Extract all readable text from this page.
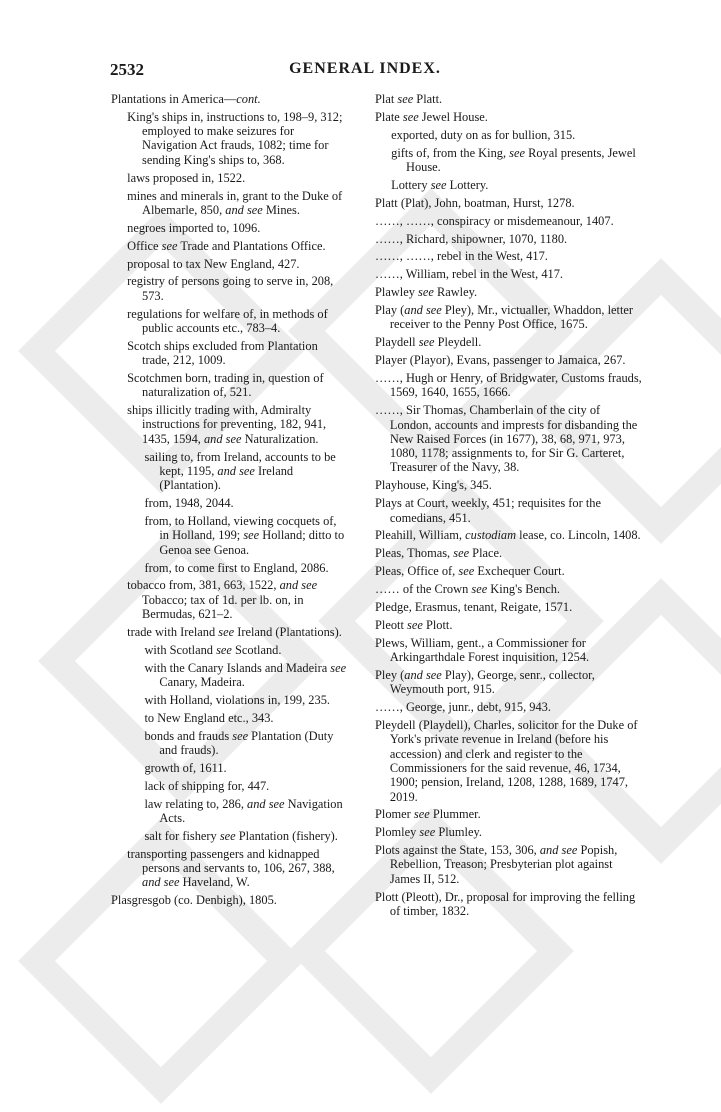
2532	GENERAL INDEX.
Plantations in America—cont.
King's ships in, instructions to, 198–9, 312; employed to make seizures for Navigation Act frauds, 1082; time for sending King's ships to, 368.
laws proposed in, 1522.
mines and minerals in, grant to the Duke of Albemarle, 850, and see Mines.
negroes imported to, 1096.
Office see Trade and Plantations Office.
proposal to tax New England, 427.
registry of persons going to serve in, 208, 573.
regulations for welfare of, in methods of public accounts etc., 783–4.
Scotch ships excluded from Plantation trade, 212, 1009.
Scotchmen born, trading in, question of naturalization of, 521.
ships illicitly trading with, Admiralty instructions for preventing, 182, 941, 1435, 1594, and see Naturalization.
sailing to, from Ireland, accounts to be kept, 1195, and see Ireland (Plantation).
from, 1948, 2044.
from, to Holland, viewing cocquets of, in Holland, 199; see Holland; ditto to Genoa see Genoa.
from, to come first to England, 2086.
tobacco from, 381, 663, 1522, and see Tobacco; tax of 1d. per lb. on, in Bermudas, 621–2.
trade with Ireland see Ireland (Plantations).
with Scotland see Scotland.
with the Canary Islands and Madeira see Canary, Madeira.
with Holland, violations in, 199, 235.
to New England etc., 343.
bonds and frauds see Plantation (Duty and frauds).
growth of, 1611.
lack of shipping for, 447.
law relating to, 286, and see Navigation Acts.
salt for fishery see Plantation (fishery).
transporting passengers and kidnapped persons and servants to, 106, 267, 388, and see Haveland, W.
Plasgresgob (co. Denbigh), 1805.
Plat see Platt.
Plate see Jewel House.
exported, duty on as for bullion, 315.
gifts of, from the King, see Royal presents, Jewel House.
Lottery see Lottery.
Platt (Plat), John, boatman, Hurst, 1278.
……, ……, conspiracy or misdemeanour, 1407.
……, Richard, shipowner, 1070, 1180.
……, ……, rebel in the West, 417.
……, William, rebel in the West, 417.
Plawley see Rawley.
Play (and see Pley), Mr., victualler, Whaddon, letter receiver to the Penny Post Office, 1675.
Playdell see Pleydell.
Player (Playor), Evans, passenger to Jamaica, 267.
……, Hugh or Henry, of Bridgwater, Customs frauds, 1569, 1640, 1655, 1666.
……, Sir Thomas, Chamberlain of the city of London, accounts and imprests for disbanding the New Raised Forces (in 1677), 38, 68, 971, 973, 1080, 1178; assignments to, for Sir G. Carteret, Treasurer of the Navy, 38.
Playhouse, King's, 345.
Plays at Court, weekly, 451; requisites for the comedians, 451.
Pleahill, William, custodiam lease, co. Lincoln, 1408.
Pleas, Thomas, see Place.
Pleas, Office of, see Exchequer Court.
…… of the Crown see King's Bench.
Pledge, Erasmus, tenant, Reigate, 1571.
Pleott see Plott.
Plews, William, gent., a Commissioner for Arkingarthdale Forest inquisition, 1254.
Pley (and see Play), George, senr., collector, Weymouth port, 915.
……, George, junr., debt, 915, 943.
Pleydell (Playdell), Charles, solicitor for the Duke of York's private revenue in Ireland (before his accession) and clerk and register to the Commissioners for the said revenue, 46, 1734, 1900; pension, Ireland, 1208, 1288, 1689, 1747, 2019.
Plomer see Plummer.
Plomley see Plumley.
Plots against the State, 153, 306, and see Popish, Rebellion, Treason; Presbyterian plot against James II, 512.
Plott (Pleott), Dr., proposal for improving the felling of timber, 1832.
